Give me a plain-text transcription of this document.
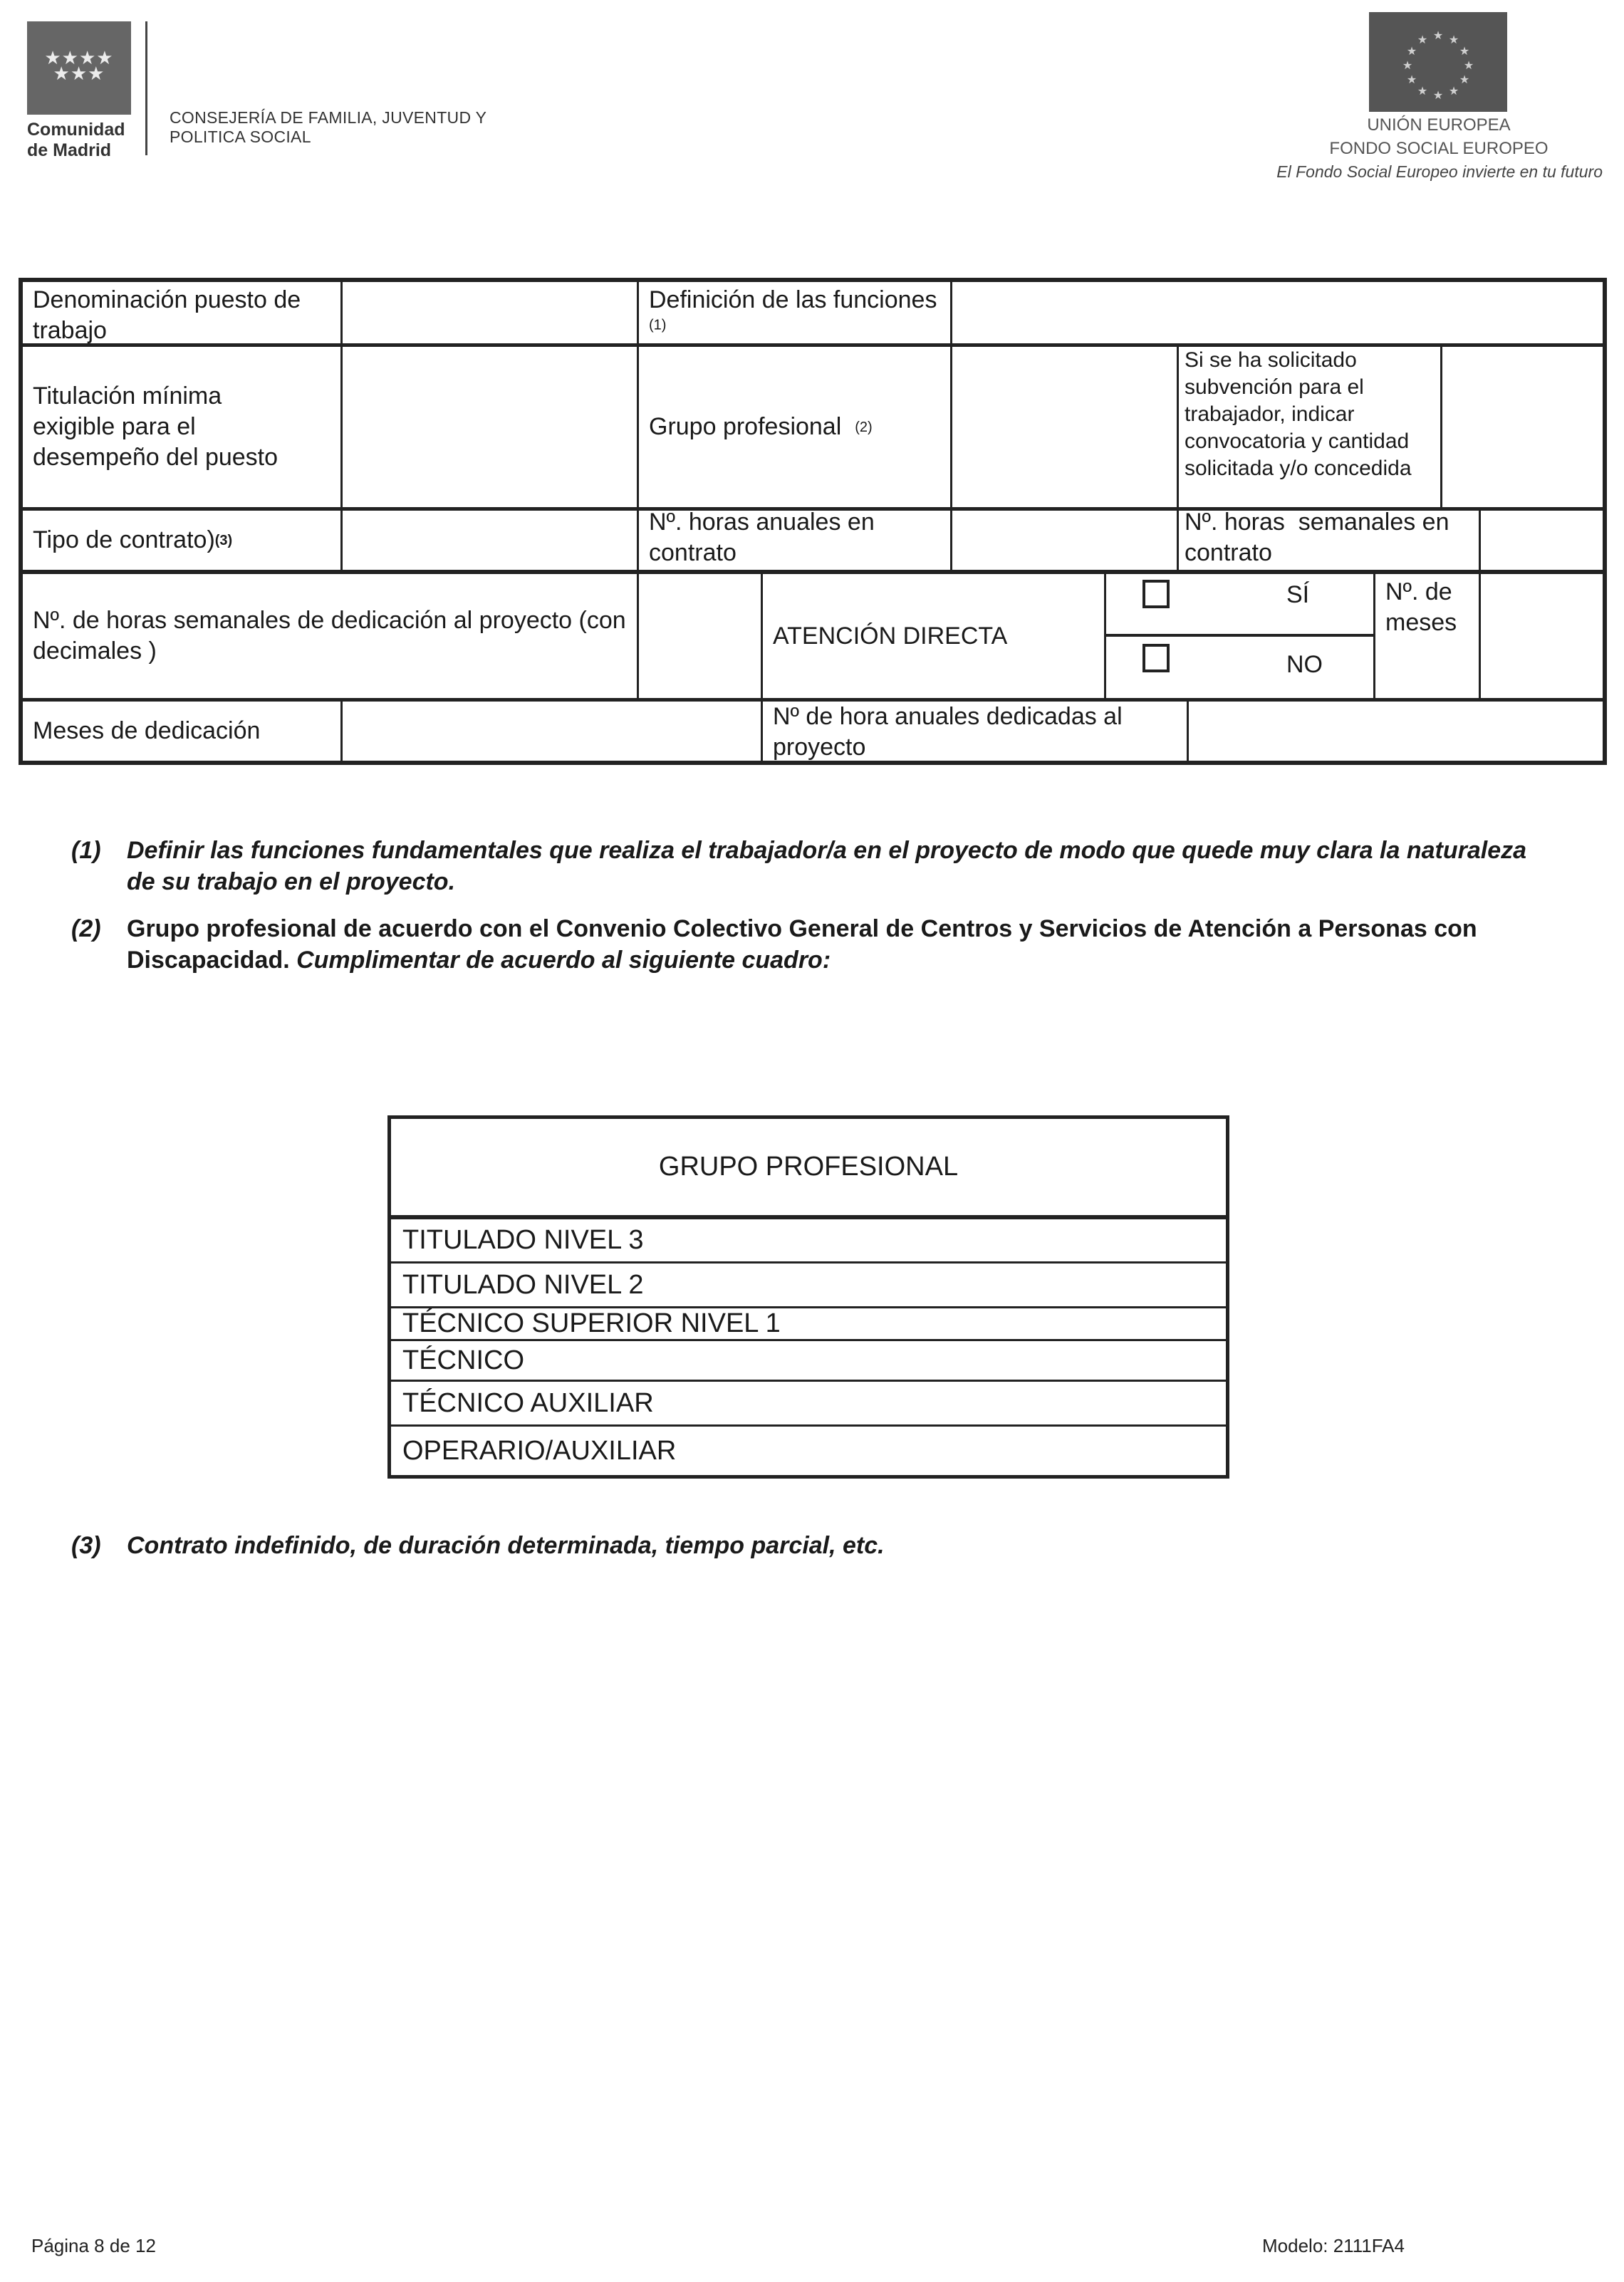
★★★★
★★★
Comunidad
de Madrid
CONSEJERÍA DE FAMILIA, JUVENTUD Y
POLITICA SOCIAL
★ ★
★
★
★
★
★
★
★
★
★
★
UNIÓN EUROPEA
FONDO SOCIAL EUROPEO
El Fondo Social Europeo invierte en tu futuro
Denominación puesto de trabajo
Definición de las funciones $^{(1)}$
Titulación mínima exigible para el desempeño del puesto
Grupo profesional
(2)
Si se ha solicitado subvención para el trabajador, indicar convocatoria y cantidad solicitada y/o concedida
Tipo de contrato) (3)
Nº. horas anuales en contrato
Nº. horas  semanales en contrato
Nº. de horas semanales de dedicación al proyecto (con decimales )
ATENCIÓN DIRECTA
SÍ
NO
Nº. de meses
Meses de dedicación
Nº de hora anuales dedicadas al proyecto
(1) Definir las funciones fundamentales que realiza el trabajador/a en el proyecto de modo que quede muy clara la naturaleza de su trabajo en el proyecto.
(2) Grupo profesional de acuerdo con el Convenio Colectivo General de Centros y Servicios de Atención a Personas con Discapacidad. Cumplimentar de acuerdo al siguiente cuadro:
GRUPO PROFESIONAL
TITULADO NIVEL 3
TITULADO NIVEL 2
TÉCNICO SUPERIOR NIVEL 1
TÉCNICO
TÉCNICO AUXILIAR
OPERARIO/AUXILIAR
(3) Contrato indefinido, de duración determinada, tiempo parcial, etc.
Página 8 de 12	Modelo: 2111FA4
